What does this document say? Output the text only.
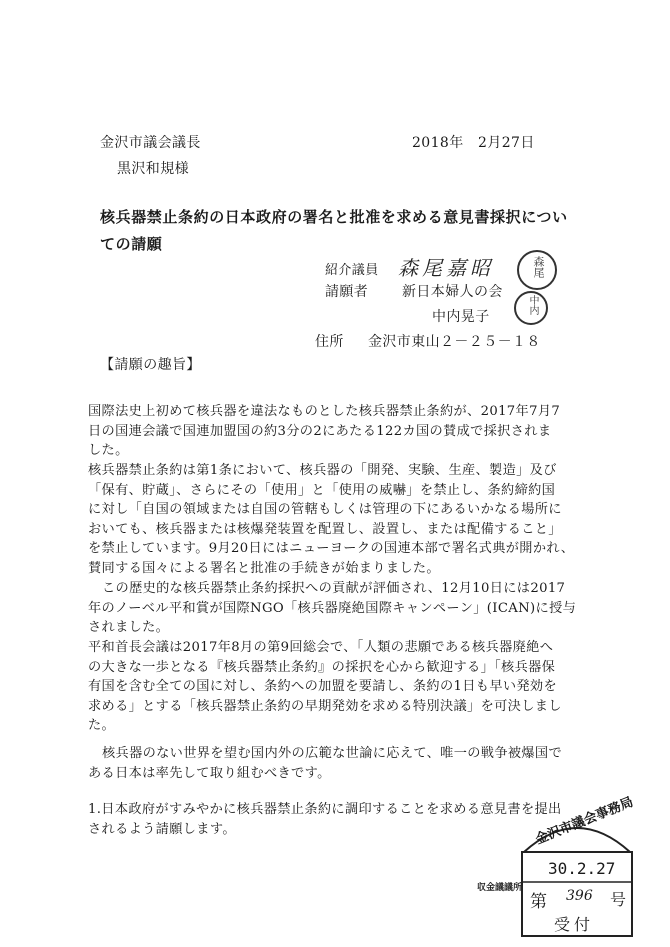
金沢市議会議長
黒沢和規様
2018年　2月27日
核兵器禁止条約の日本政府の署名と批准を求める意見書採択につい
ての請願
紹介議員 森尾嘉昭	森尾
請願者 新日本婦人の会
中内晃子
中内
住所 金沢市東山２－２５－１８
【請願の趣旨】
国際法史上初めて核兵器を違法なものとした核兵器禁止条約が、2017年7月7
日の国連会議で国連加盟国の約3分の2にあたる122カ国の賛成で採択されま
した。
核兵器禁止条約は第1条において、核兵器の「開発、実験、生産、製造」及び
「保有、貯蔵」、さらにその「使用」と「使用の威嚇」を禁止し、条約締約国
に対し「自国の領域または自国の管轄もしくは管理の下にあるいかなる場所に
おいても、核兵器または核爆発装置を配置し、設置し、または配備すること」
を禁止しています。9月20日にはニューヨークの国連本部で署名式典が開かれ、
賛同する国々による署名と批准の手続きが始まりました。
この歴史的な核兵器禁止条約採択への貢献が評価され、12月10日には2017
年のノーベル平和賞が国際NGO「核兵器廃絶国際キャンペーン」(ICAN)に授与
されました。
平和首長会議は2017年8月の第9回総会で、「人類の悲願である核兵器廃絶へ
の大きな一歩となる『核兵器禁止条約』の採択を心から歓迎する」「核兵器保
有国を含む全ての国に対し、条約への加盟を要請し、条約の1日も早い発効を
求める」とする「核兵器禁止条約の早期発効を求める特別決議」を可決しまし
た。
核兵器のない世界を望む国内外の広範な世論に応えて、唯一の戦争被爆国で
ある日本は率先して取り組むべきです。
1.日本政府がすみやかに核兵器禁止条約に調印することを求める意見書を提出
されるよう請願します。	金沢市議会事務局
30.2.27
第 396 号
受付
収金議議所
